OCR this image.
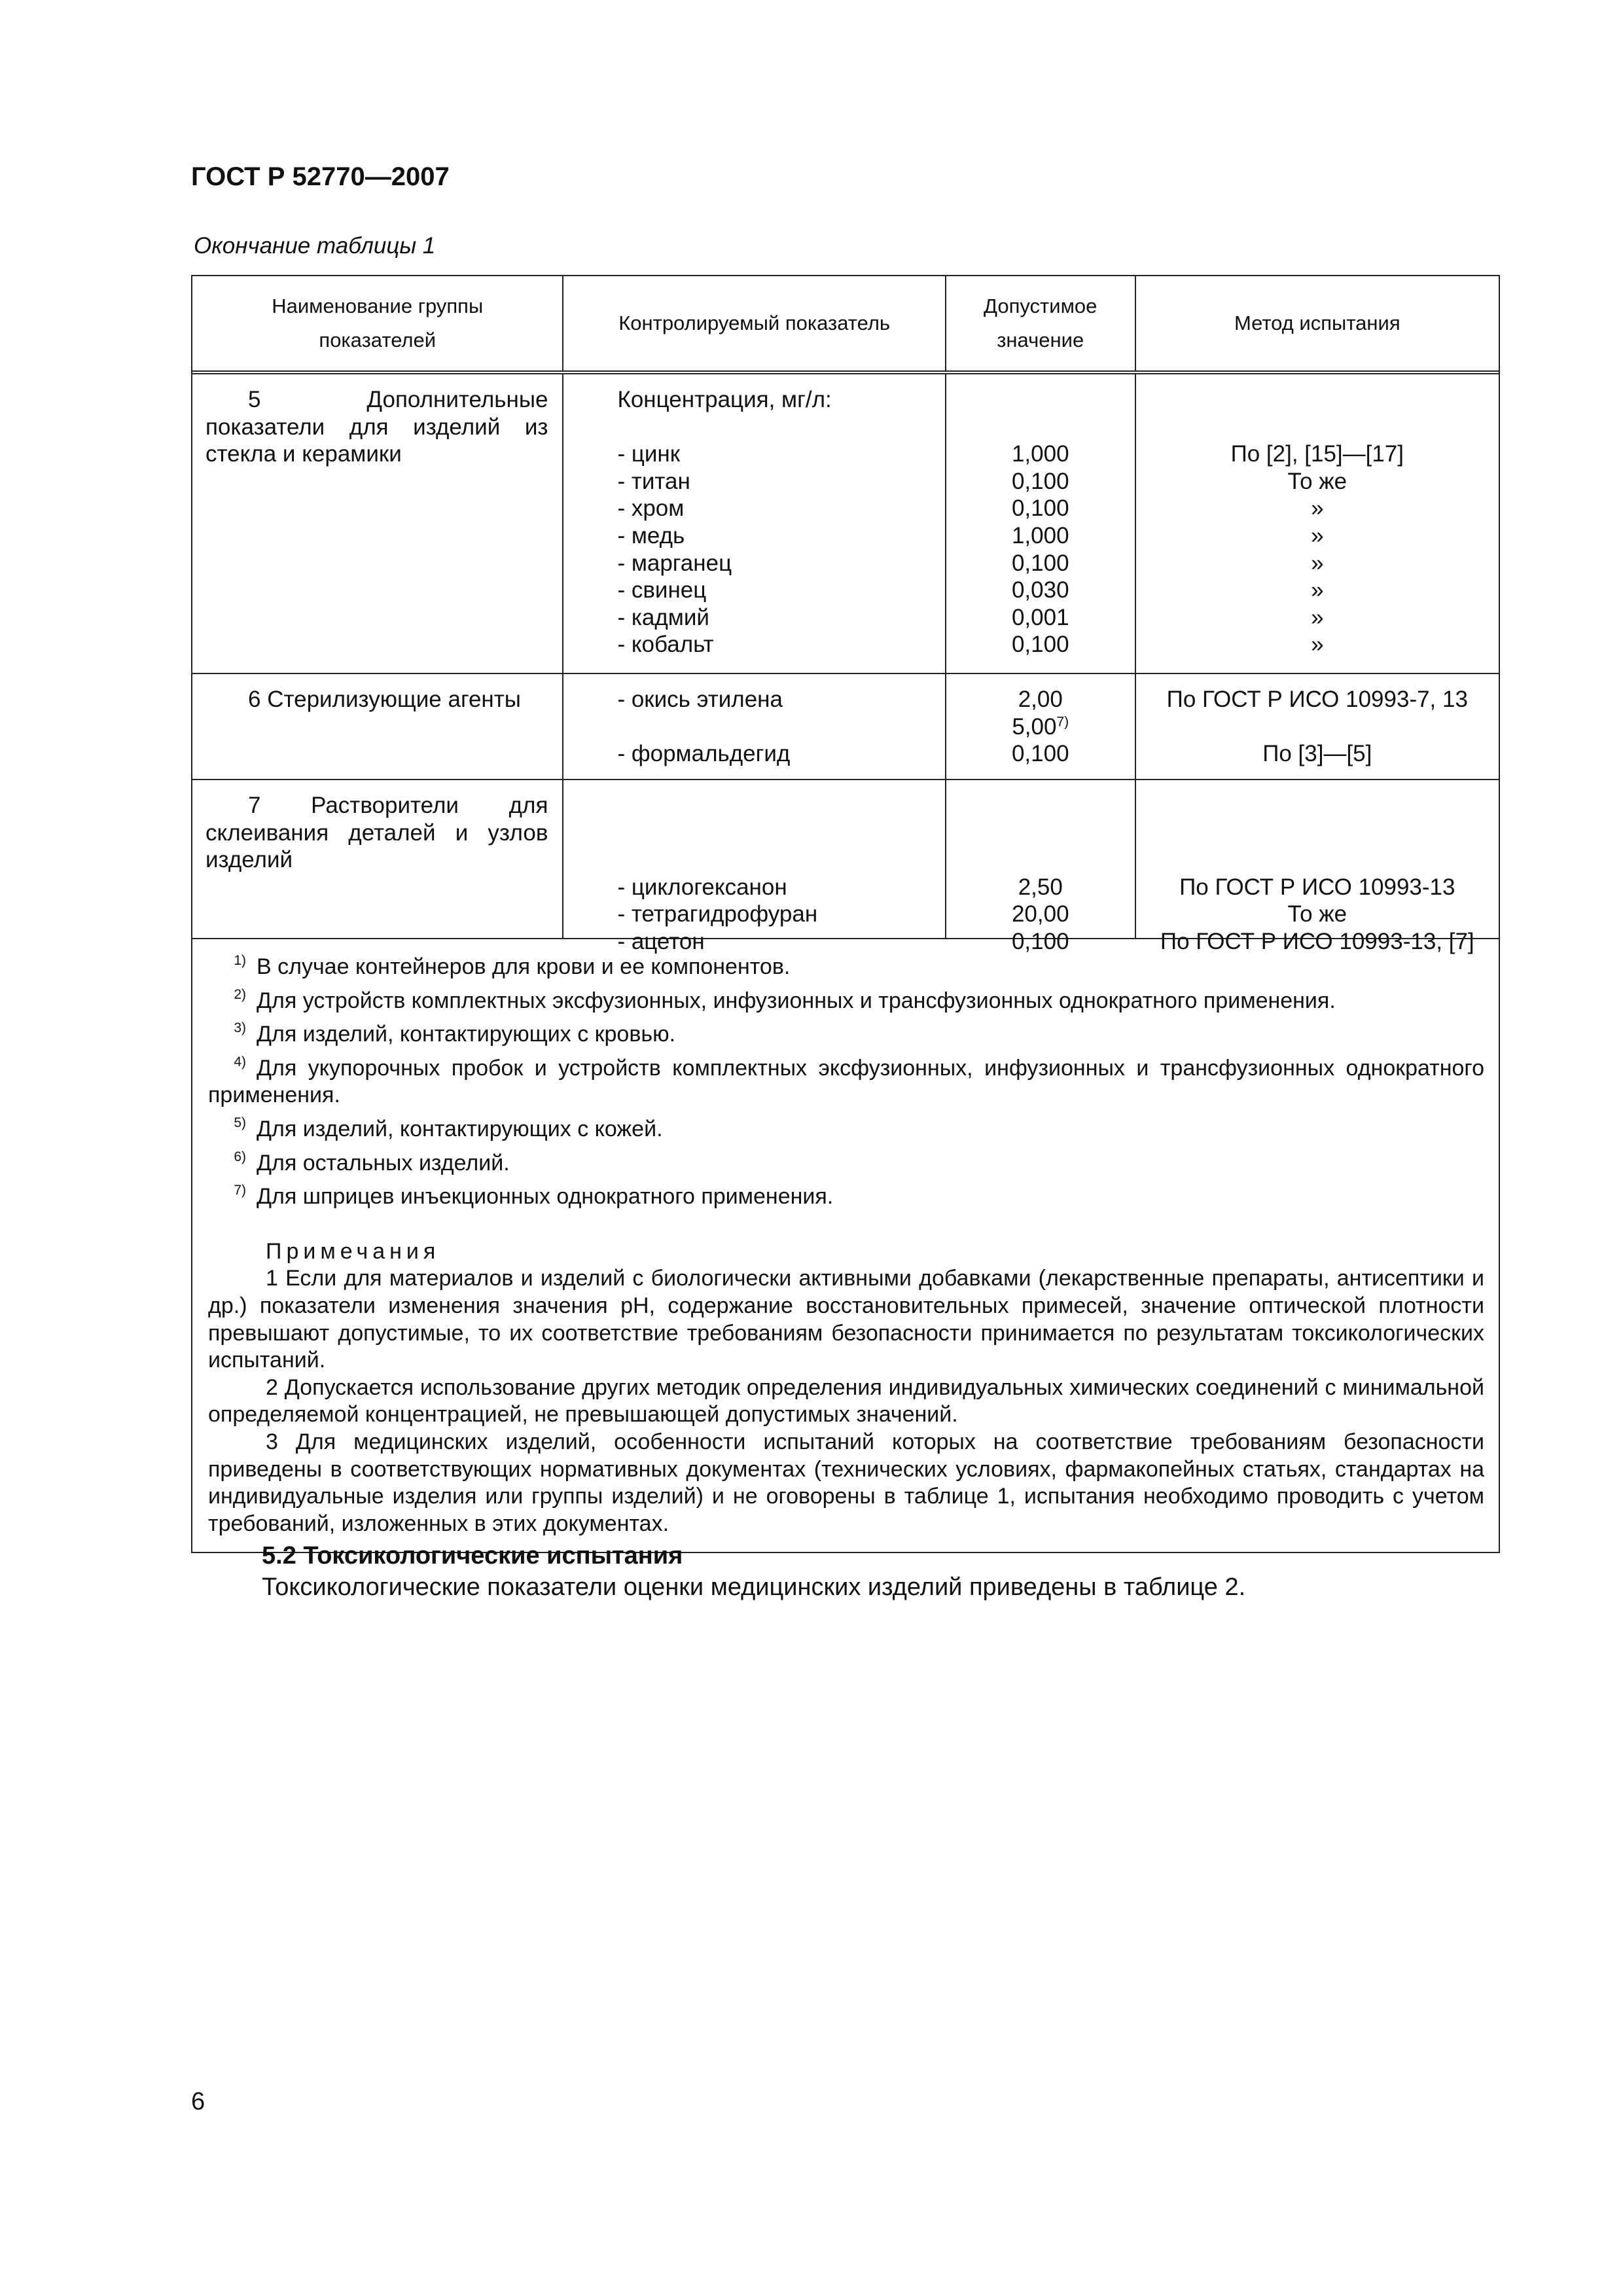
ГОСТ Р 52770—2007
Окончание таблицы 1
Наименование группы показателей
Контролируемый показатель
Допустимое значение
Метод испытания
5 Дополнительные показатели для изделий из стекла и керамики
Концентрация, мг/л:
- цинк
- титан
- хром
- медь
- марганец
- свинец
- кадмий
- кобальт
1,000
0,100
0,100
1,000
0,100
0,030
0,001
0,100
По [2], [15]—[17]
То же
»
»
»
»
»
»
6 Стерилизующие агенты	- окись этилена
- формальдегид
2,00
5,00$^{7)}$
0,100
По ГОСТ Р ИСО 10993-7, 13
По [3]—[5]
7 Растворители для склеивания деталей и узлов изделий
- циклогексанон
- тетрагидрофуран
- ацетон
2,50
20,00
0,100
По ГОСТ Р ИСО 10993-13
То же
По ГОСТ Р ИСО 10993-13, [7]
1) В случае контейнеров для крови и ее компонентов.
2) Для устройств комплектных эксфузионных, инфузионных и трансфузионных однократного применения.
3) Для изделий, контактирующих с кровью.
4) Для укупорочных пробок и устройств комплектных эксфузионных, инфузионных и трансфузионных однократного применения.
5) Для изделий, контактирующих с кожей.
6) Для остальных изделий.
7) Для шприцев инъекционных однократного применения.
Примечания
1 Если для материалов и изделий с биологически активными добавками (лекарственные препараты, антисептики и др.) показатели изменения значения pH, содержание восстановительных примесей, значение оптической плотности превышают допустимые, то их соответствие требованиям безопасности принимается по результатам токсикологических испытаний.
2 Допускается использование других методик определения индивидуальных химических соединений с минимальной определяемой концентрацией, не превышающей допустимых значений.
3 Для медицинских изделий, особенности испытаний которых на соответствие требованиям безопасности приведены в соответствующих нормативных документах (технических условиях, фармакопейных статьях, стандартах на индивидуальные изделия или группы изделий) и не оговорены в таблице 1, испытания необходимо проводить с учетом требований, изложенных в этих документах.
5.2 Токсикологические испытания
Токсикологические показатели оценки медицинских изделий приведены в таблице 2.
6
